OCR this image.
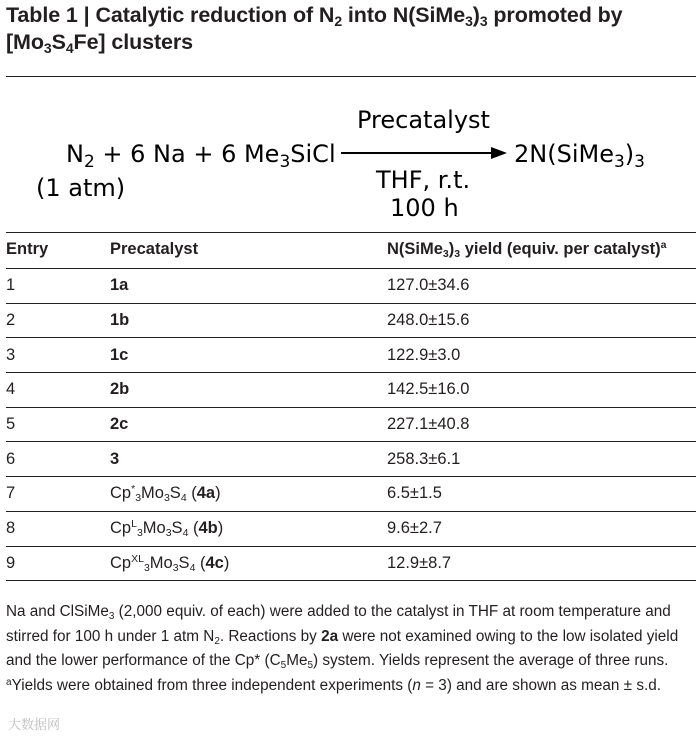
Table 1 | Catalytic reduction of $N_2$ into $N(SiMe_3)_3$ promoted by $[Mo_3S_4Fe]$ clusters
$N_2 + 6$ Na + 6 $Me_3SiCl$
(1 atm)
Precatalyst
THF, r.t.
100 h
$2N(SiMe_3)_3$
Entry	Precatalyst	$N(SiMe_3)_3$ yield (equiv. per catalyst)$^a$
1	1a	127.0±34.6
2	1b	248.0±15.6
3	1c	122.9±3.0
4	2b	142.5±16.0
5	2c	227.1±40.8
6	3	258.3±6.1
7	$Cp^*_3Mo_3S_4$ (4a)	6.5±1.5
8	$Cp^L_3Mo_3S_4$ (4b)	9.6±2.7
9	$Cp^{XL}_3Mo_3S_4$ (4c)	12.9±8.7
Na and ClSiMe$_3$ (2,000 equiv. of each) were added to the catalyst in THF at room temperature and stirred for 100 h under 1 atm $N_2$. Reactions by 2a were not examined owing to the low isolated yield and the lower performance of the Cp* $(C_5Me_5)$ system. Yields represent the average of three runs. $^a$Yields were obtained from three independent experiments (n = 3) and are shown as mean ± s.d.
大数据网
